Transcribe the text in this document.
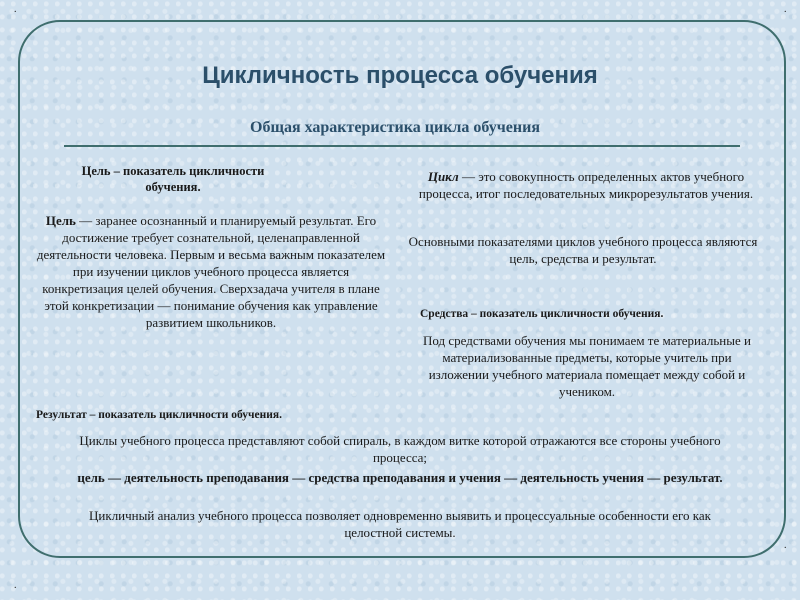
.
.
.
.
Цикличность процесса обучения
Общая характеристика цикла обучения
Цель – показатель цикличности обучения.
Цель — заранее осознанный и планируемый результат. Его достижение требует сознательной, целенаправленной деятельности человека. Первым и весьма важным показателем при изучении циклов учебного процесса является конкретизация целей обучения. Сверхзадача учителя в плане этой конкретизации — понимание обучения как управление развитием школьников.
Результат – показатель цикличности обучения.
Цикл — это совокупность определенных актов учебного процесса, итог последовательных микрорезультатов учения.
Основными показателями циклов учебного процесса являются цель, средства и результат.
Средства – показатель цикличности обучения.
Под средствами обучения мы понимаем те материальные и материализованные предметы, которые учитель при изложении учебного материала помещает между собой и учеником.
Циклы учебного процесса представляют собой спираль, в каждом витке которой отражаются все стороны учебного процесса;
цель — деятельность преподавания — средства преподавания и учения — деятельность учения — результат.
Цикличный анализ учебного процесса позволяет одновременно выявить и процессуальные особенности его как целостной системы.
